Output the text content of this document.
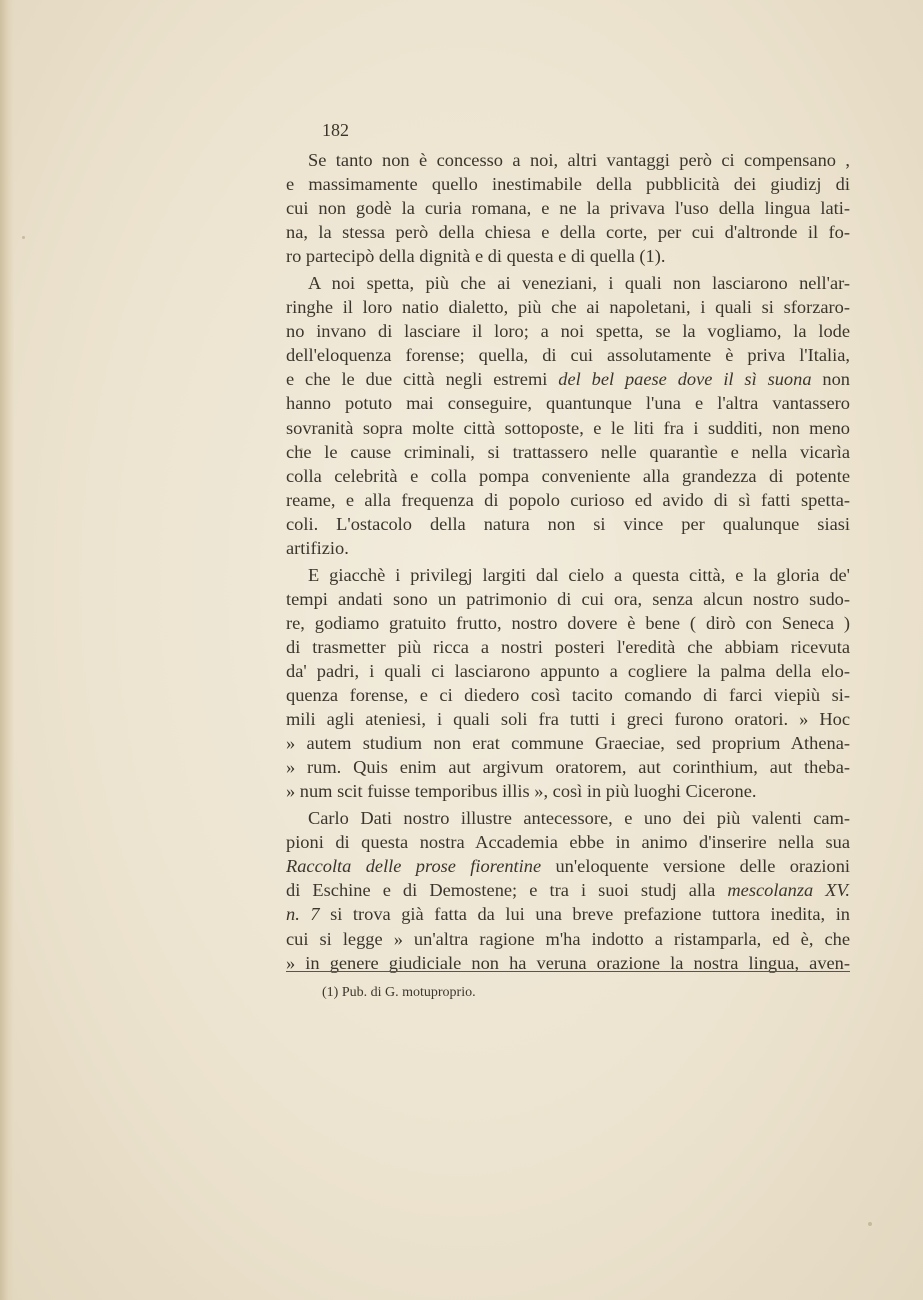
182
Se tanto non è concesso a noi, altri vantaggi però ci compensano ,
e massimamente quello inestimabile della pubblicità dei giudizj di
cui non godè la curia romana, e ne la privava l'uso della lingua lati-
na, la stessa però della chiesa e della corte, per cui d'altronde il fo-
ro partecipò della dignità e di questa e di quella (1).
A noi spetta, più che ai veneziani, i quali non lasciarono nell'ar-
ringhe il loro natio dialetto, più che ai napoletani, i quali si sforzaro-
no invano di lasciare il loro; a noi spetta, se la vogliamo, la lode
dell'eloquenza forense; quella, di cui assolutamente è priva l'Italia,
e che le due città negli estremi del bel paese dove il sì suona non
hanno potuto mai conseguire, quantunque l'una e l'altra vantassero
sovranità sopra molte città sottoposte, e le liti fra i sudditi, non meno
che le cause criminali, si trattassero nelle quarantìe e nella vicarìa
colla celebrità e colla pompa conveniente alla grandezza di potente
reame, e alla frequenza di popolo curioso ed avido di sì fatti spetta-
coli. L'ostacolo della natura non si vince per qualunque siasi
artifizio.
E giacchè i privilegj largiti dal cielo a questa città, e la gloria de'
tempi andati sono un patrimonio di cui ora, senza alcun nostro sudo-
re, godiamo gratuito frutto, nostro dovere è bene ( dirò con Seneca )
di trasmetter più ricca a nostri posteri l'eredità che abbiam ricevuta
da' padri, i quali ci lasciarono appunto a cogliere la palma della elo-
quenza forense, e ci diedero così tacito comando di farci viepiù si-
mili agli ateniesi, i quali soli fra tutti i greci furono oratori. » Hoc
» autem studium non erat commune Graeciae, sed proprium Athena-
» rum. Quis enim aut argivum oratorem, aut corinthium, aut theba-
» num scit fuisse temporibus illis », così in più luoghi Cicerone.
Carlo Dati nostro illustre antecessore, e uno dei più valenti cam-
pioni di questa nostra Accademia ebbe in animo d'inserire nella sua
Raccolta delle prose fiorentine un'eloquente versione delle orazioni
di Eschine e di Demostene; e tra i suoi studj alla mescolanza XV.
n. 7 si trova già fatta da lui una breve prefazione tuttora inedita, in
cui si legge » un'altra ragione m'ha indotto a ristamparla, ed è, che
» in genere giudiciale non ha veruna orazione la nostra lingua, aven-
(1) Pub. di G. motuproprio.
